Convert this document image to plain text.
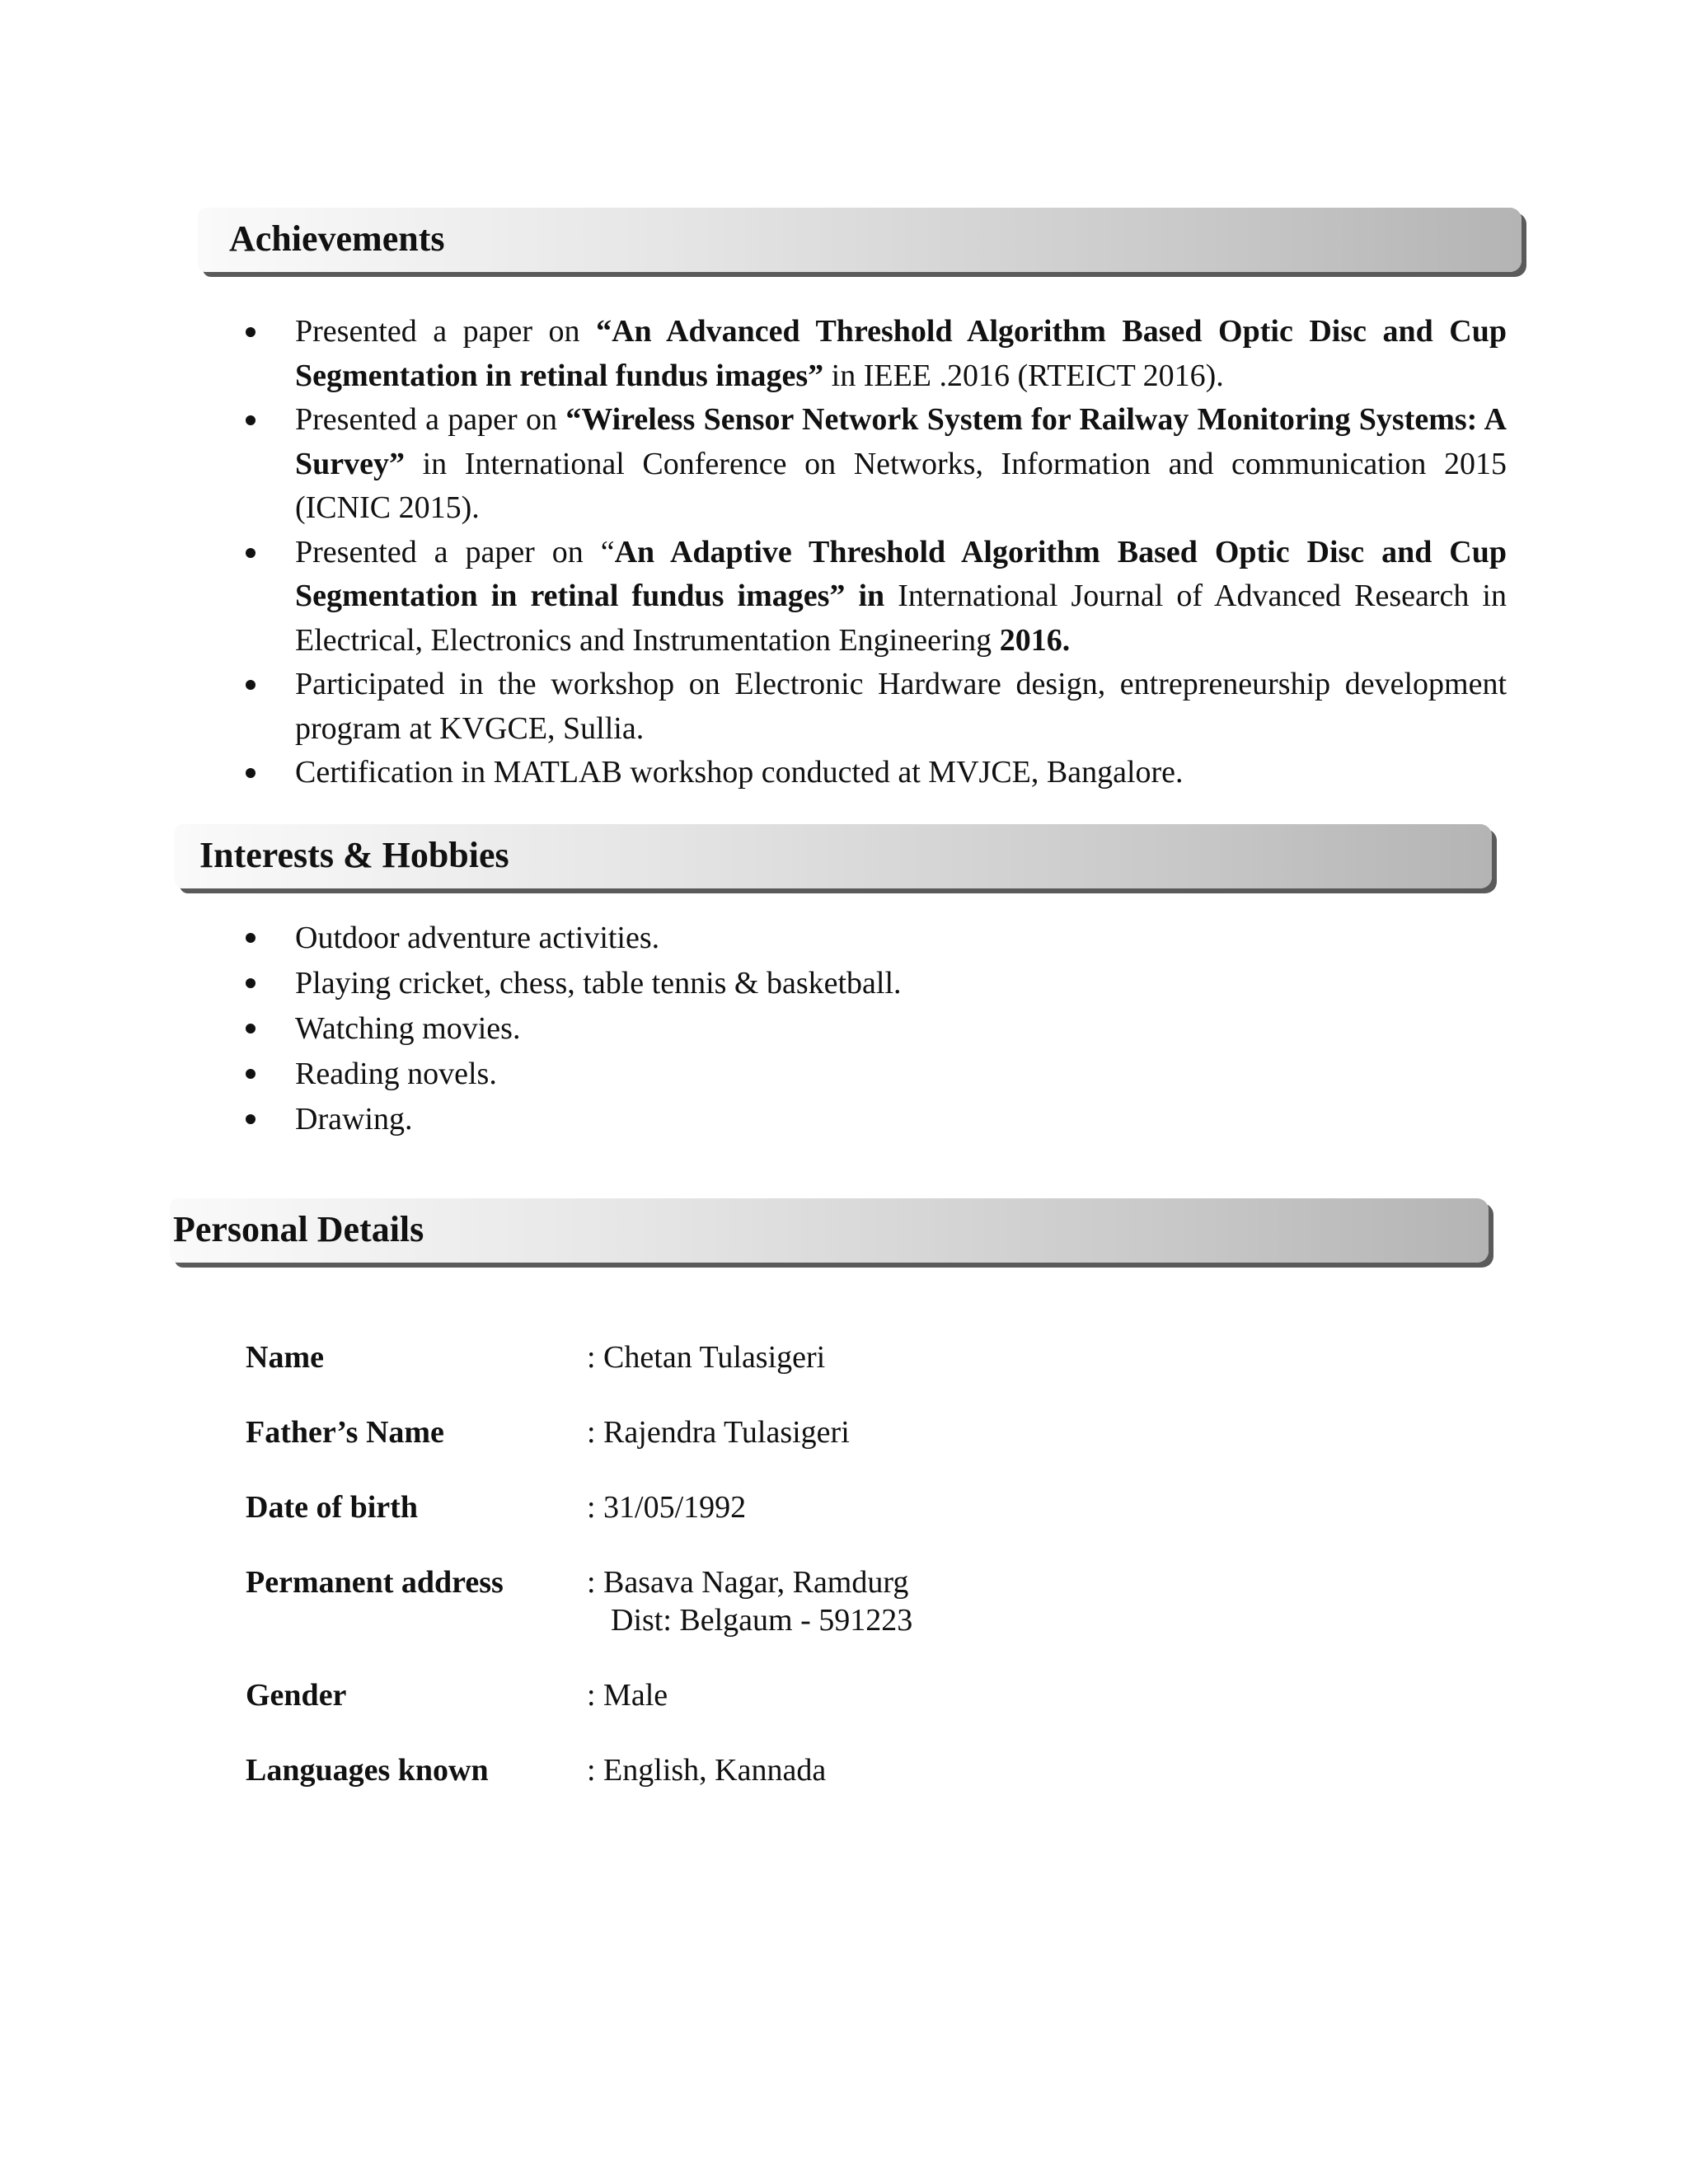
Achievements
Presented a paper on “An Advanced Threshold Algorithm Based Optic Disc and Cup Segmentation in retinal fundus images” in IEEE .2016 (RTEICT 2016).
Presented a paper on “Wireless Sensor Network System for Railway Monitoring Systems: A Survey” in International Conference on Networks, Information and communication 2015 (ICNIC 2015).
Presented a paper on “An Adaptive Threshold Algorithm Based Optic Disc and Cup Segmentation in retinal fundus images” in International Journal of Advanced Research in Electrical, Electronics and Instrumentation Engineering 2016.
Participated in the workshop on Electronic Hardware design, entrepreneurship development program at KVGCE, Sullia.
Certification in MATLAB workshop conducted at MVJCE, Bangalore.
Interests & Hobbies
Outdoor adventure activities.
Playing cricket, chess, table tennis & basketball.
Watching movies.
Reading novels.
Drawing.
Personal Details
Name	: Chetan Tulasigeri
Father’s Name	: Rajendra Tulasigeri
Date of birth	: 31/05/1992
Permanent address	: Basava Nagar, Ramdurg
Dist: Belgaum - 591223
Gender	: Male
Languages known	: English, Kannada
